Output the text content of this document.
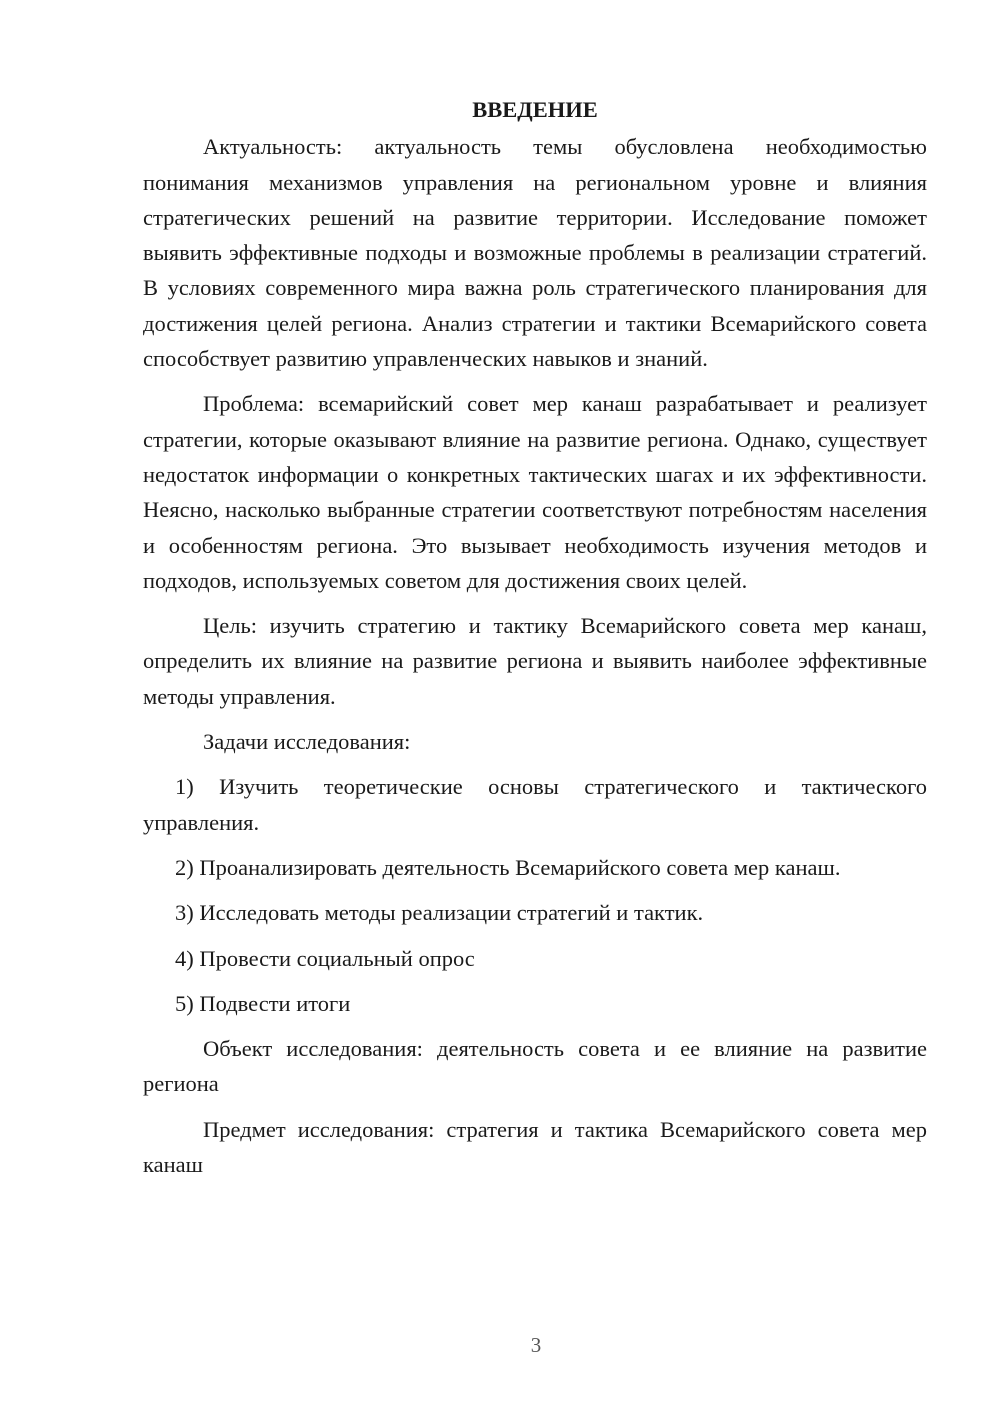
ВВЕДЕНИЕ

Актуальность: актуальность темы обусловлена необходимостью понимания механизмов управления на региональном уровне и влияния стратегических решений на развитие территории. Исследование поможет выявить эффективные подходы и возможные проблемы в реализации стратегий. В условиях современного мира важна роль стратегического планирования для достижения целей региона. Анализ стратегии и тактики Всемарийского совета способствует развитию управленческих навыков и знаний.

Проблема: всемарийский совет мер канаш разрабатывает и реализует стратегии, которые оказывают влияние на развитие региона. Однако, существует недостаток информации о конкретных тактических шагах и их эффективности. Неясно, насколько выбранные стратегии соответствуют потребностям населения и особенностям региона. Это вызывает необходимость изучения методов и подходов, используемых советом для достижения своих целей.

Цель: изучить стратегию и тактику Всемарийского совета мер канаш, определить их влияние на развитие региона и выявить наиболее эффективные методы управления.

Задачи исследования:

1) Изучить теоретические основы стратегического и тактического управления.

2) Проанализировать деятельность Всемарийского совета мер канаш.

3) Исследовать методы реализации стратегий и тактик.

4) Провести социальный опрос

5) Подвести итоги

Объект исследования: деятельность совета и ее влияние на развитие региона

Предмет исследования: стратегия и тактика Всемарийского совета мер канаш

3
